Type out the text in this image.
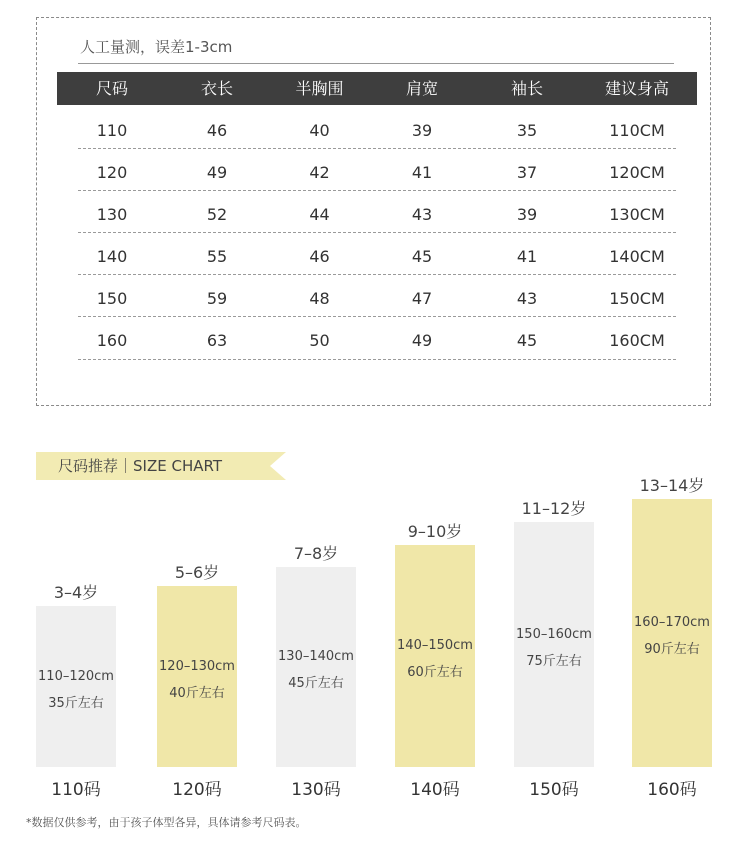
人工量测，误差1-3cm
尺码	衣长	半胸围	肩宽	袖长	建议身高
110	46	40	39	35	110CM
120	49	42	41	37	120CM
130	52	44	43	39	130CM
140	55	46	45	41	140CM
150	59	48	47	43	150CM
160	63	50	49	45	160CM
尺码推荐｜SIZE CHART
3–4岁
110–120cm
35斤左右
110码
5–6岁
120–130cm
40斤左右
120码
7–8岁
130–140cm
45斤左右
130码
9–10岁
140–150cm
60斤左右
140码
11–12岁
150–160cm
75斤左右
150码
13–14岁
160–170cm
90斤左右
160码
*数据仅供参考，由于孩子体型各异，具体请参考尺码表。
